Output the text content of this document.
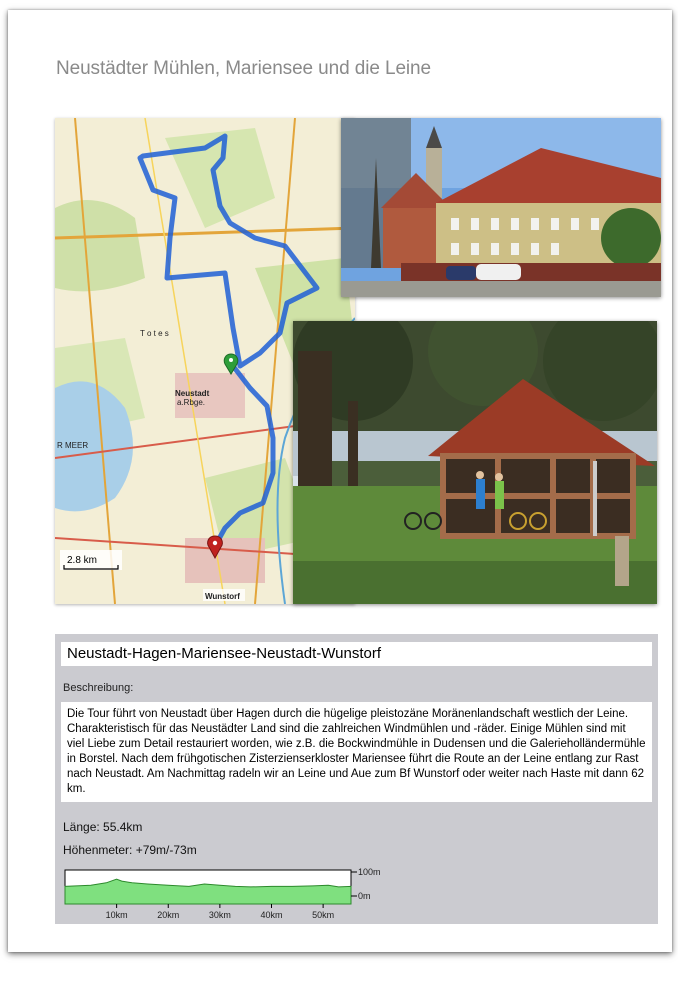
Neustädter Mühlen, Mariensee und die Leine
T o t e s
Neustadt
a.Rbge.
R MEER
Wunstorf
2.8 km
Neustadt-Hagen-Mariensee-Neustadt-Wunstorf
Beschreibung:
Die Tour führt von Neustadt über Hagen durch die hügelige pleistozäne Moränenlandschaft westlich der Leine. Charakteristisch für das Neustädter Land sind die zahlreichen Windmühlen und -räder. Einige Mühlen sind mit viel Liebe zum Detail restauriert worden, wie z.B. die Bockwindmühle in Dudensen und die Galerieholländermühle in Borstel. Nach dem frühgotischen Zisterzienserkloster Mariensee führt die Route an der Leine entlang zur Rast nach Neustadt. Am Nachmittag radeln wir an Leine und Aue zum Bf Wunstorf oder weiter nach Haste mit dann 62 km.
Länge: 55.4km
Höhenmeter: +79m/-73m
100m
0m
10km	20km	30km	40km	50km
